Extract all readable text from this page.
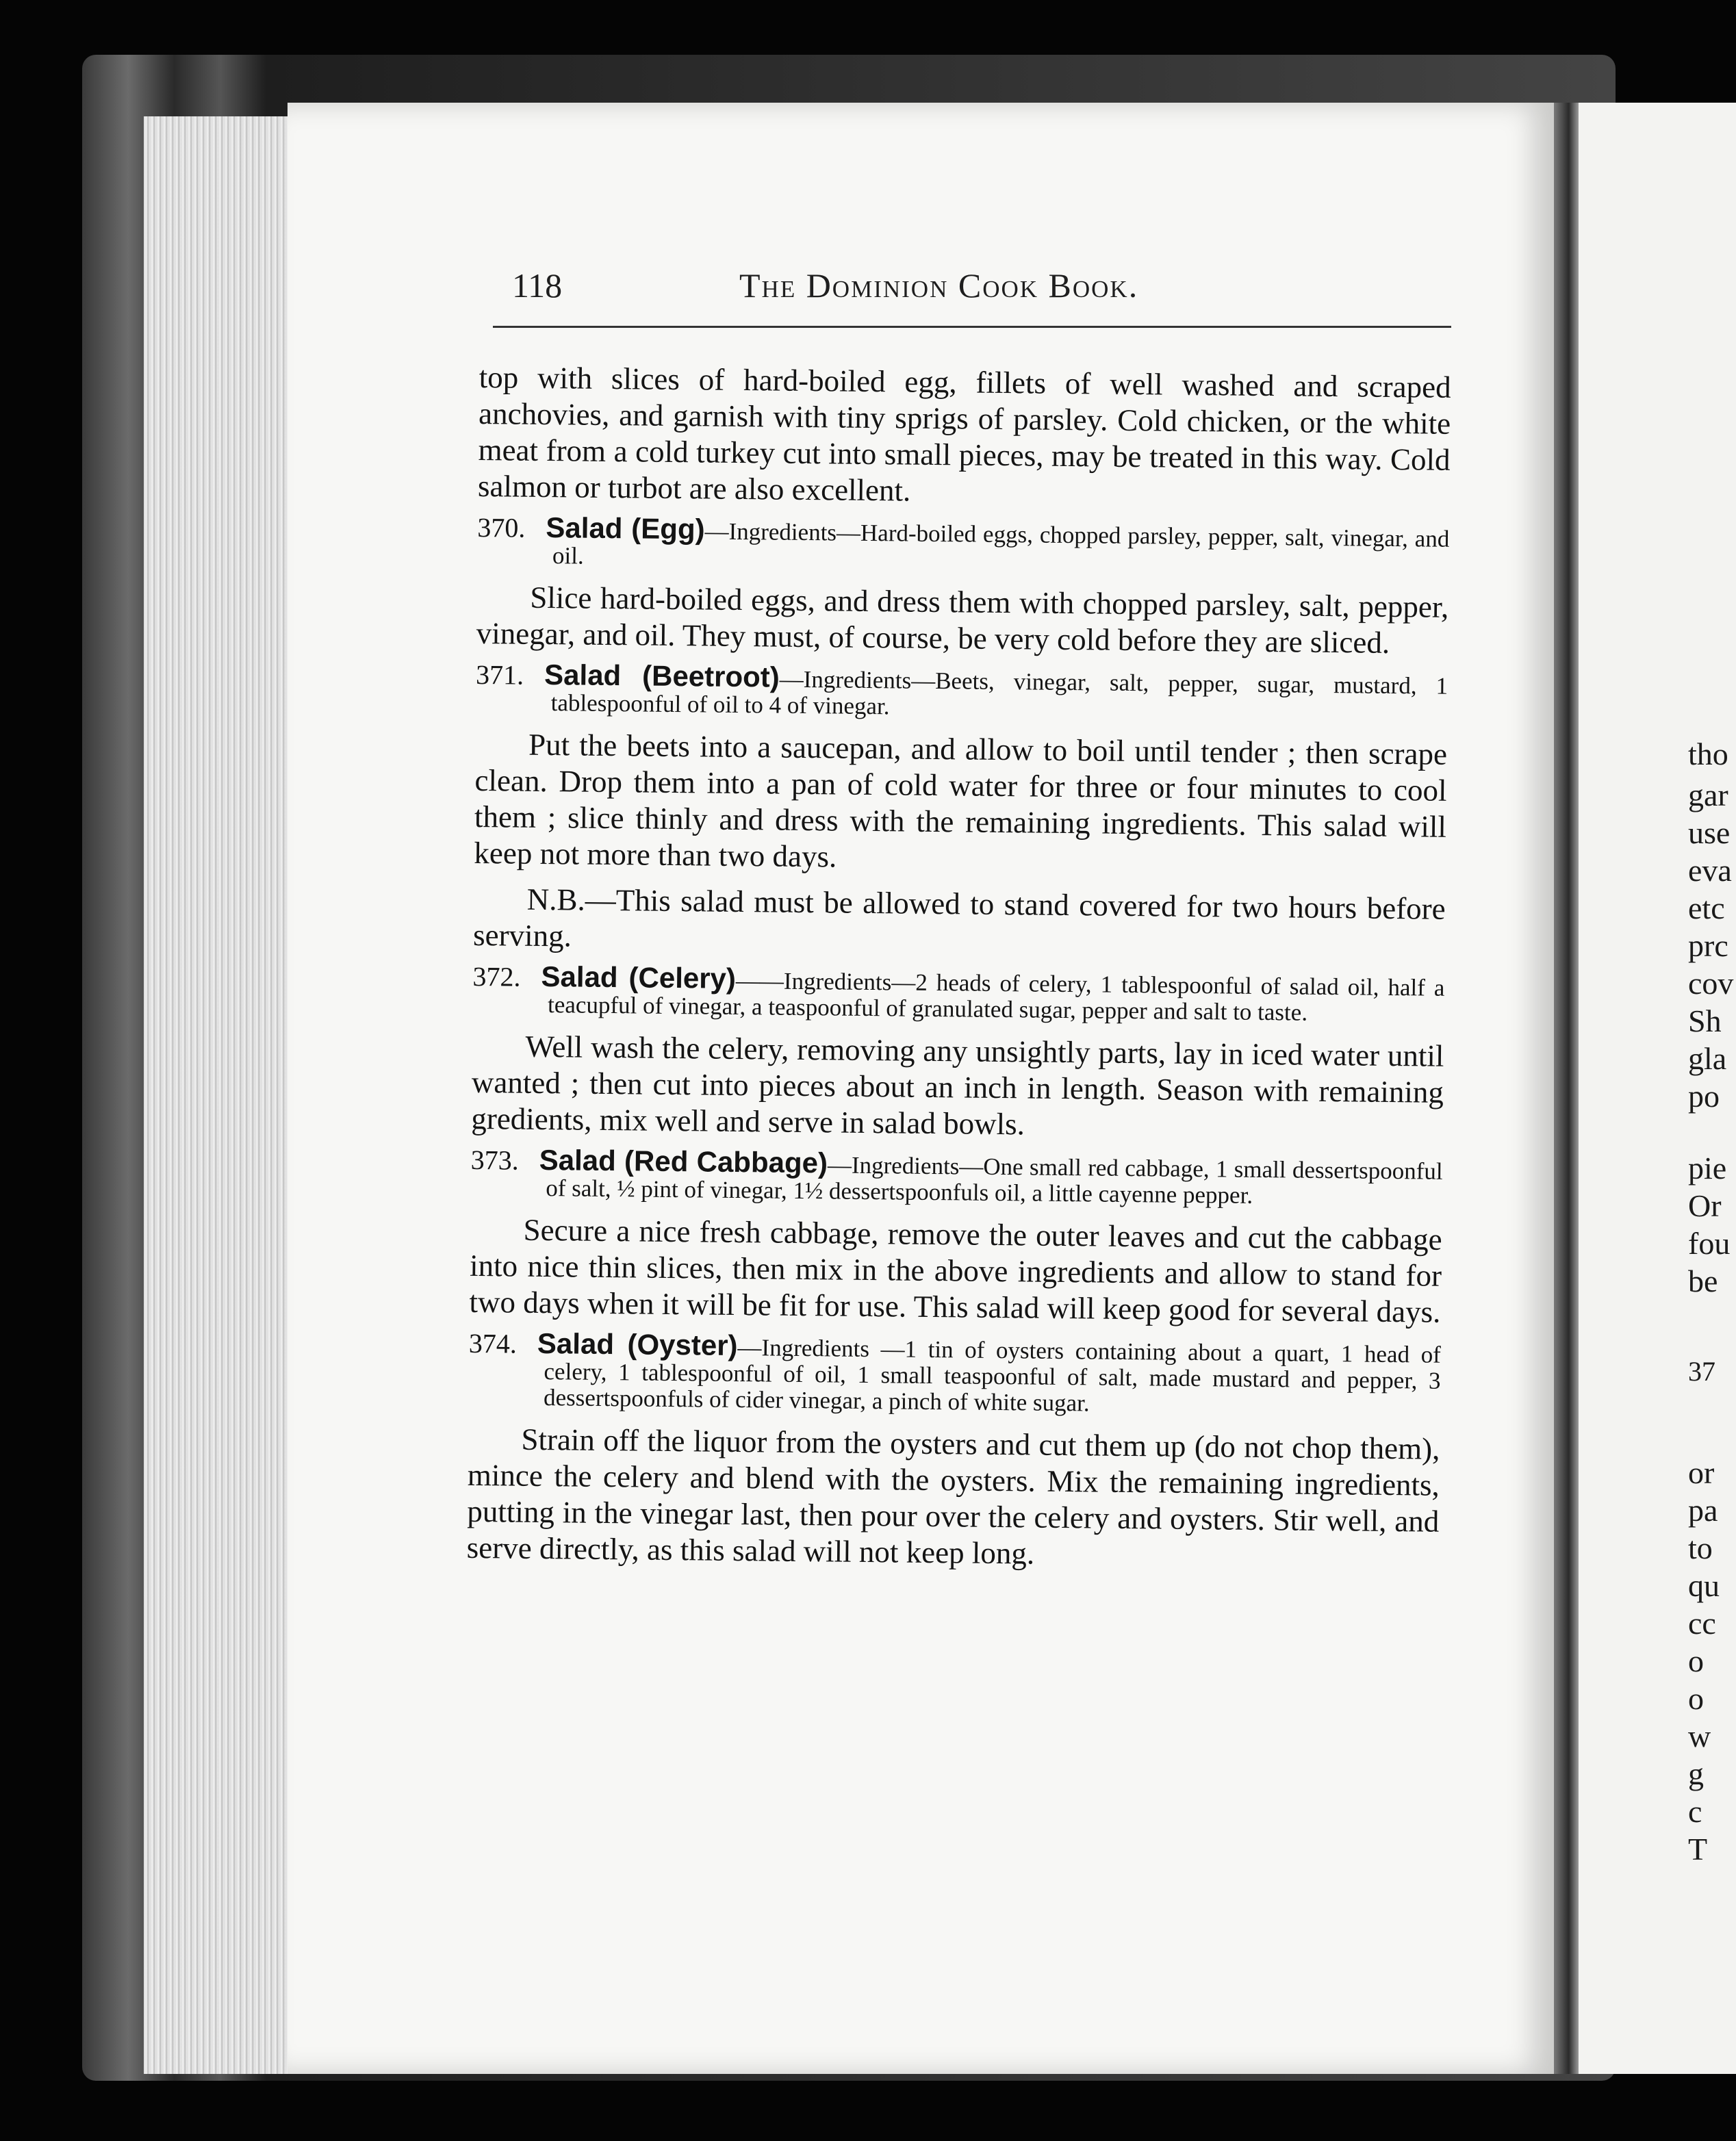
tho
gar
use
eva
etc
prc
cov
Sh
gla
po
pie
Or
fou
be
37
or
pa
to
qu
cc
o
o
w
g
c
T
118	The Dominion Cook Book.

top with slices of hard-boiled egg, fillets of well washed and scraped anchovies, and garnish with tiny sprigs of parsley. Cold chicken, or the white meat from a cold turkey cut into small pieces, may be treated in this way. Cold salmon or turbot are also excellent.

370. Salad (Egg)—Ingredients—Hard-boiled eggs, chopped parsley, pepper, salt, vinegar, and oil.

Slice hard-boiled eggs, and dress them with chopped parsley, salt, pepper, vinegar, and oil. They must, of course, be very cold before they are sliced.

371. Salad (Beetroot)—Ingredients—Beets, vinegar, salt, pepper, sugar, mustard, 1 tablespoonful of oil to 4 of vinegar.

Put the beets into a saucepan, and allow to boil until tender ; then scrape clean. Drop them into a pan of cold water for three or four minutes to cool them ; slice thinly and dress with the remaining ingredients. This salad will keep not more than two days.

N.B.—This salad must be allowed to stand covered for two hours before serving.

372. Salad (Celery)——Ingredients—2 heads of celery, 1 tablespoonful of salad oil, half a teacupful of vinegar, a teaspoonful of granulated sugar, pepper and salt to taste.

Well wash the celery, removing any unsightly parts, lay in iced water until wanted ; then cut into pieces about an inch in length. Season with remaining gredients, mix well and serve in salad bowls.

373. Salad (Red Cabbage)—Ingredients—One small red cabbage, 1 small dessertspoonful of salt, ½ pint of vinegar, 1½ dessertspoonfuls oil, a little cayenne pepper.

Secure a nice fresh cabbage, remove the outer leaves and cut the cabbage into nice thin slices, then mix in the above ingredients and allow to stand for two days when it will be fit for use. This salad will keep good for several days.

374. Salad (Oyster)—Ingredients —1 tin of oysters containing about a quart, 1 head of celery, 1 tablespoonful of oil, 1 small teaspoonful of salt, made mustard and pepper, 3 dessertspoonfuls of cider vinegar, a pinch of white sugar.

Strain off the liquor from the oysters and cut them up (do not chop them), mince the celery and blend with the oysters. Mix the remaining ingredients, putting in the vinegar last, then pour over the celery and oysters. Stir well, and serve directly, as this salad will not keep long.
